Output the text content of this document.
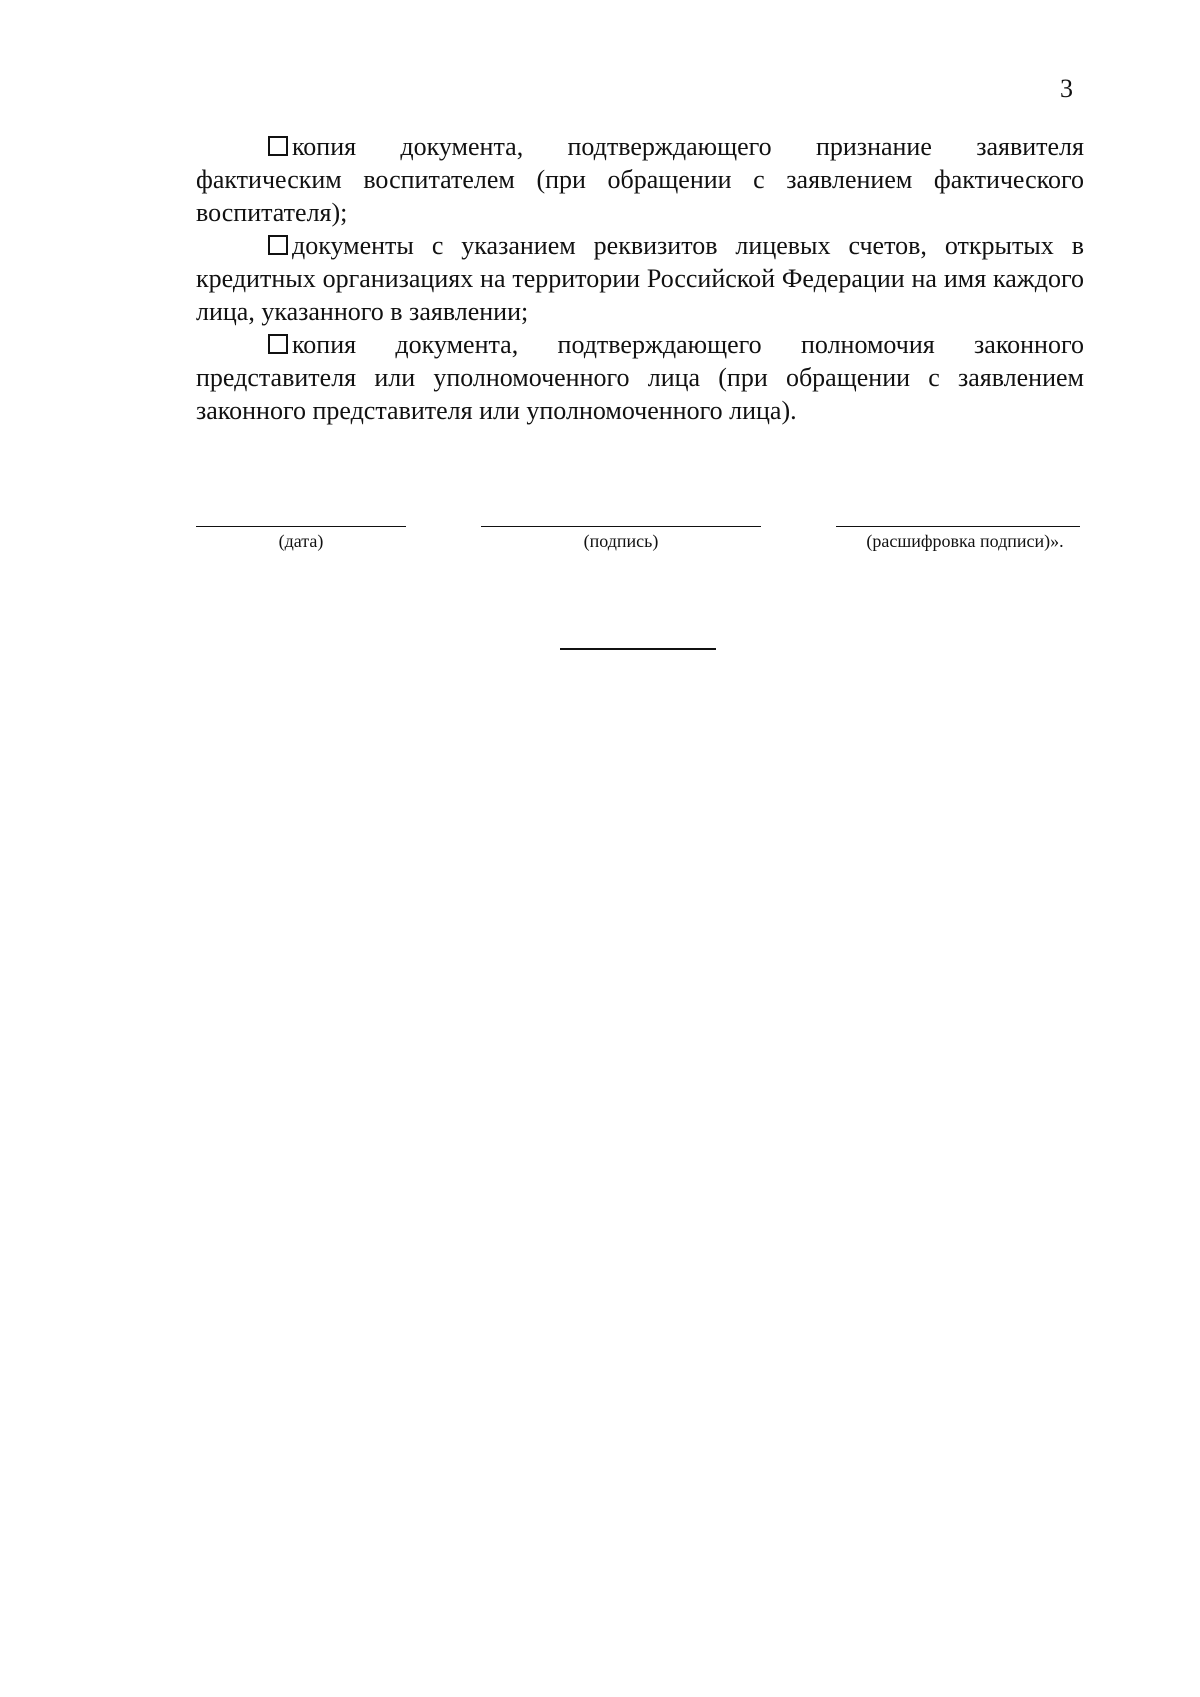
3

копия документа, подтверждающего признание заявителя фактическим воспитателем (при обращении с заявлением фактического воспитателя);

документы с указанием реквизитов лицевых счетов, открытых в кредитных организациях на территории Российской Федерации на имя каждого лица, указанного в заявлении;

копия документа, подтверждающего полномочия законного представителя или уполномоченного лица (при обращении с заявлением законного представителя или уполномоченного лица).

(дата)	(подпись)	(расшифровка подписи)».
